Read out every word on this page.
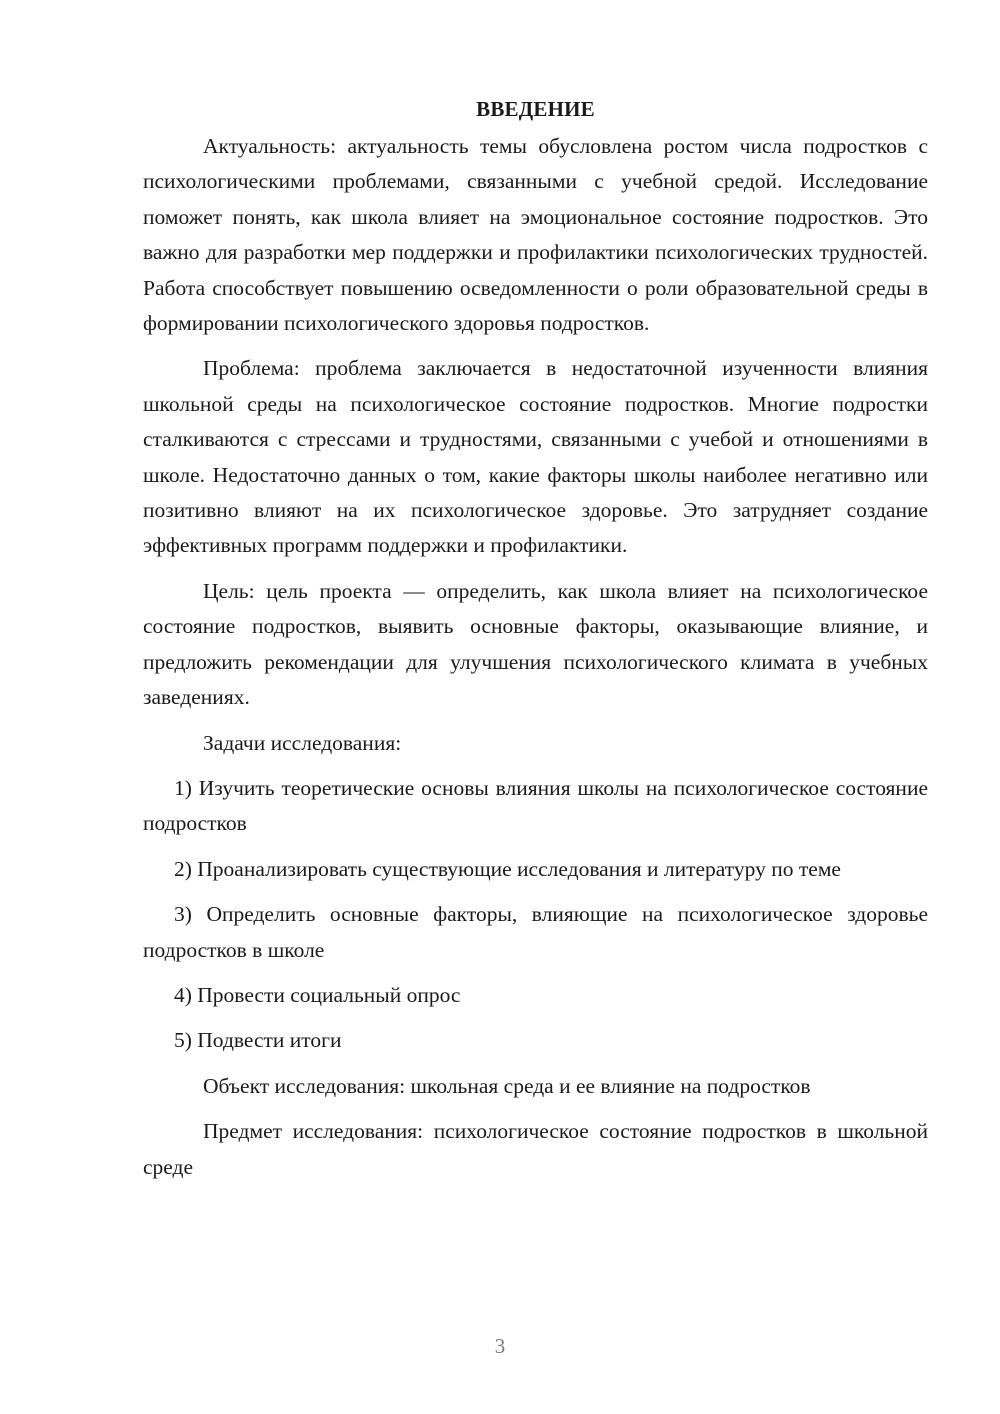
ВВЕДЕНИЕ

Актуальность: актуальность темы обусловлена ростом числа подростков с психологическими проблемами, связанными с учебной средой. Исследование поможет понять, как школа влияет на эмоциональное состояние подростков. Это важно для разработки мер поддержки и профилактики психологических трудностей. Работа способствует повышению осведомленности о роли образовательной среды в формировании психологического здоровья подростков.

Проблема: проблема заключается в недостаточной изученности влияния школьной среды на психологическое состояние подростков. Многие подростки сталкиваются с стрессами и трудностями, связанными с учебой и отношениями в школе. Недостаточно данных о том, какие факторы школы наиболее негативно или позитивно влияют на их психологическое здоровье. Это затрудняет создание эффективных программ поддержки и профилактики.

Цель: цель проекта — определить, как школа влияет на психологическое состояние подростков, выявить основные факторы, оказывающие влияние, и предложить рекомендации для улучшения психологического климата в учебных заведениях.

Задачи исследования:

1) Изучить теоретические основы влияния школы на психологическое состояние подростков

2) Проанализировать существующие исследования и литературу по теме

3) Определить основные факторы, влияющие на психологическое здоровье подростков в школе

4) Провести социальный опрос

5) Подвести итоги

Объект исследования: школьная среда и ее влияние на подростков

Предмет исследования: психологическое состояние подростков в школьной среде

3
